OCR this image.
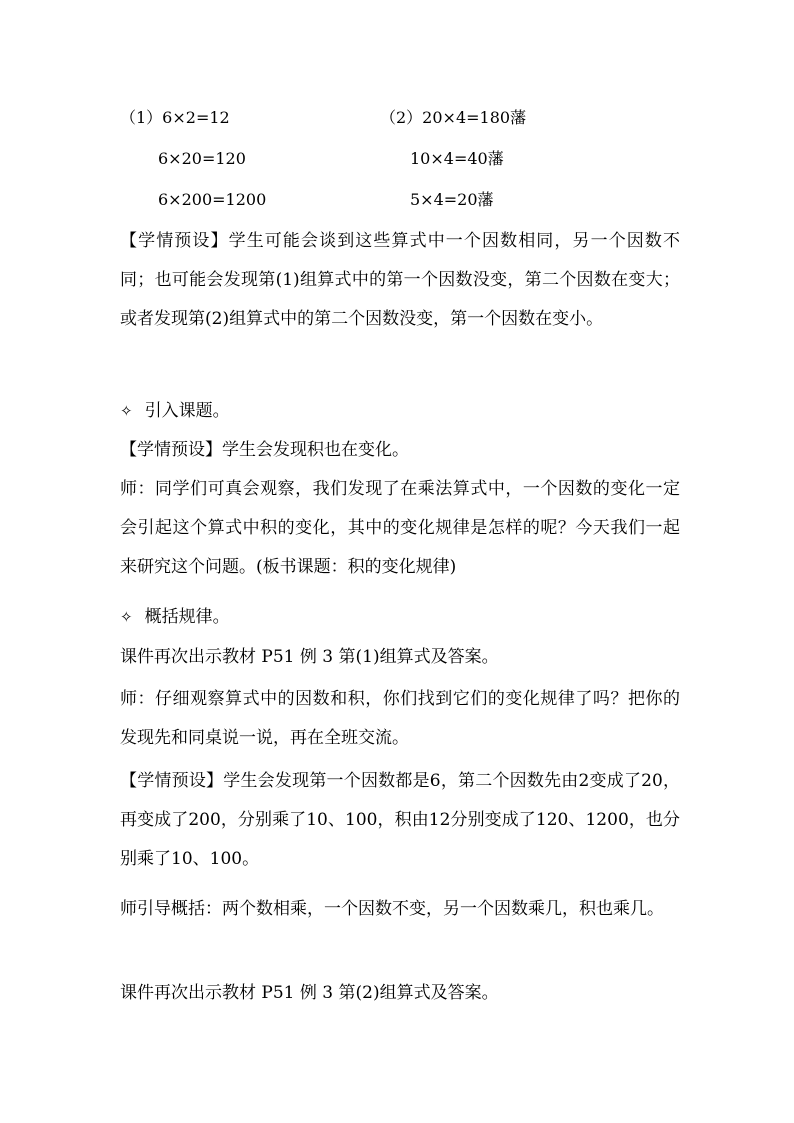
（1）6×2=12	（2）20×4=180藩
6×20=120	10×4=40藩
6×200=1200	5×4=20藩
【学情预设】学生可能会谈到这些算式中一个因数相同，另一个因数不同；也可能会发现第(1)组算式中的第一个因数没变，第二个因数在变大；或者发现第(2)组算式中的第二个因数没变，第一个因数在变小。
✧ 引入课题。
【学情预设】学生会发现积也在变化。
师：同学们可真会观察，我们发现了在乘法算式中，一个因数的变化一定会引起这个算式中积的变化，其中的变化规律是怎样的呢？今天我们一起来研究这个问题。(板书课题：积的变化规律)
✧ 概括规律。
课件再次出示教材 P51 例 3 第(1)组算式及答案。
师：仔细观察算式中的因数和积，你们找到它们的变化规律了吗？把你的发现先和同桌说一说，再在全班交流。
【学情预设】学生会发现第一个因数都是6，第二个因数先由2变成了20，再变成了200，分别乘了10、100，积由12分别变成了120、1200，也分别乘了10、100。
师引导概括：两个数相乘，一个因数不变，另一个因数乘几，积也乘几。
课件再次出示教材 P51 例 3 第(2)组算式及答案。
